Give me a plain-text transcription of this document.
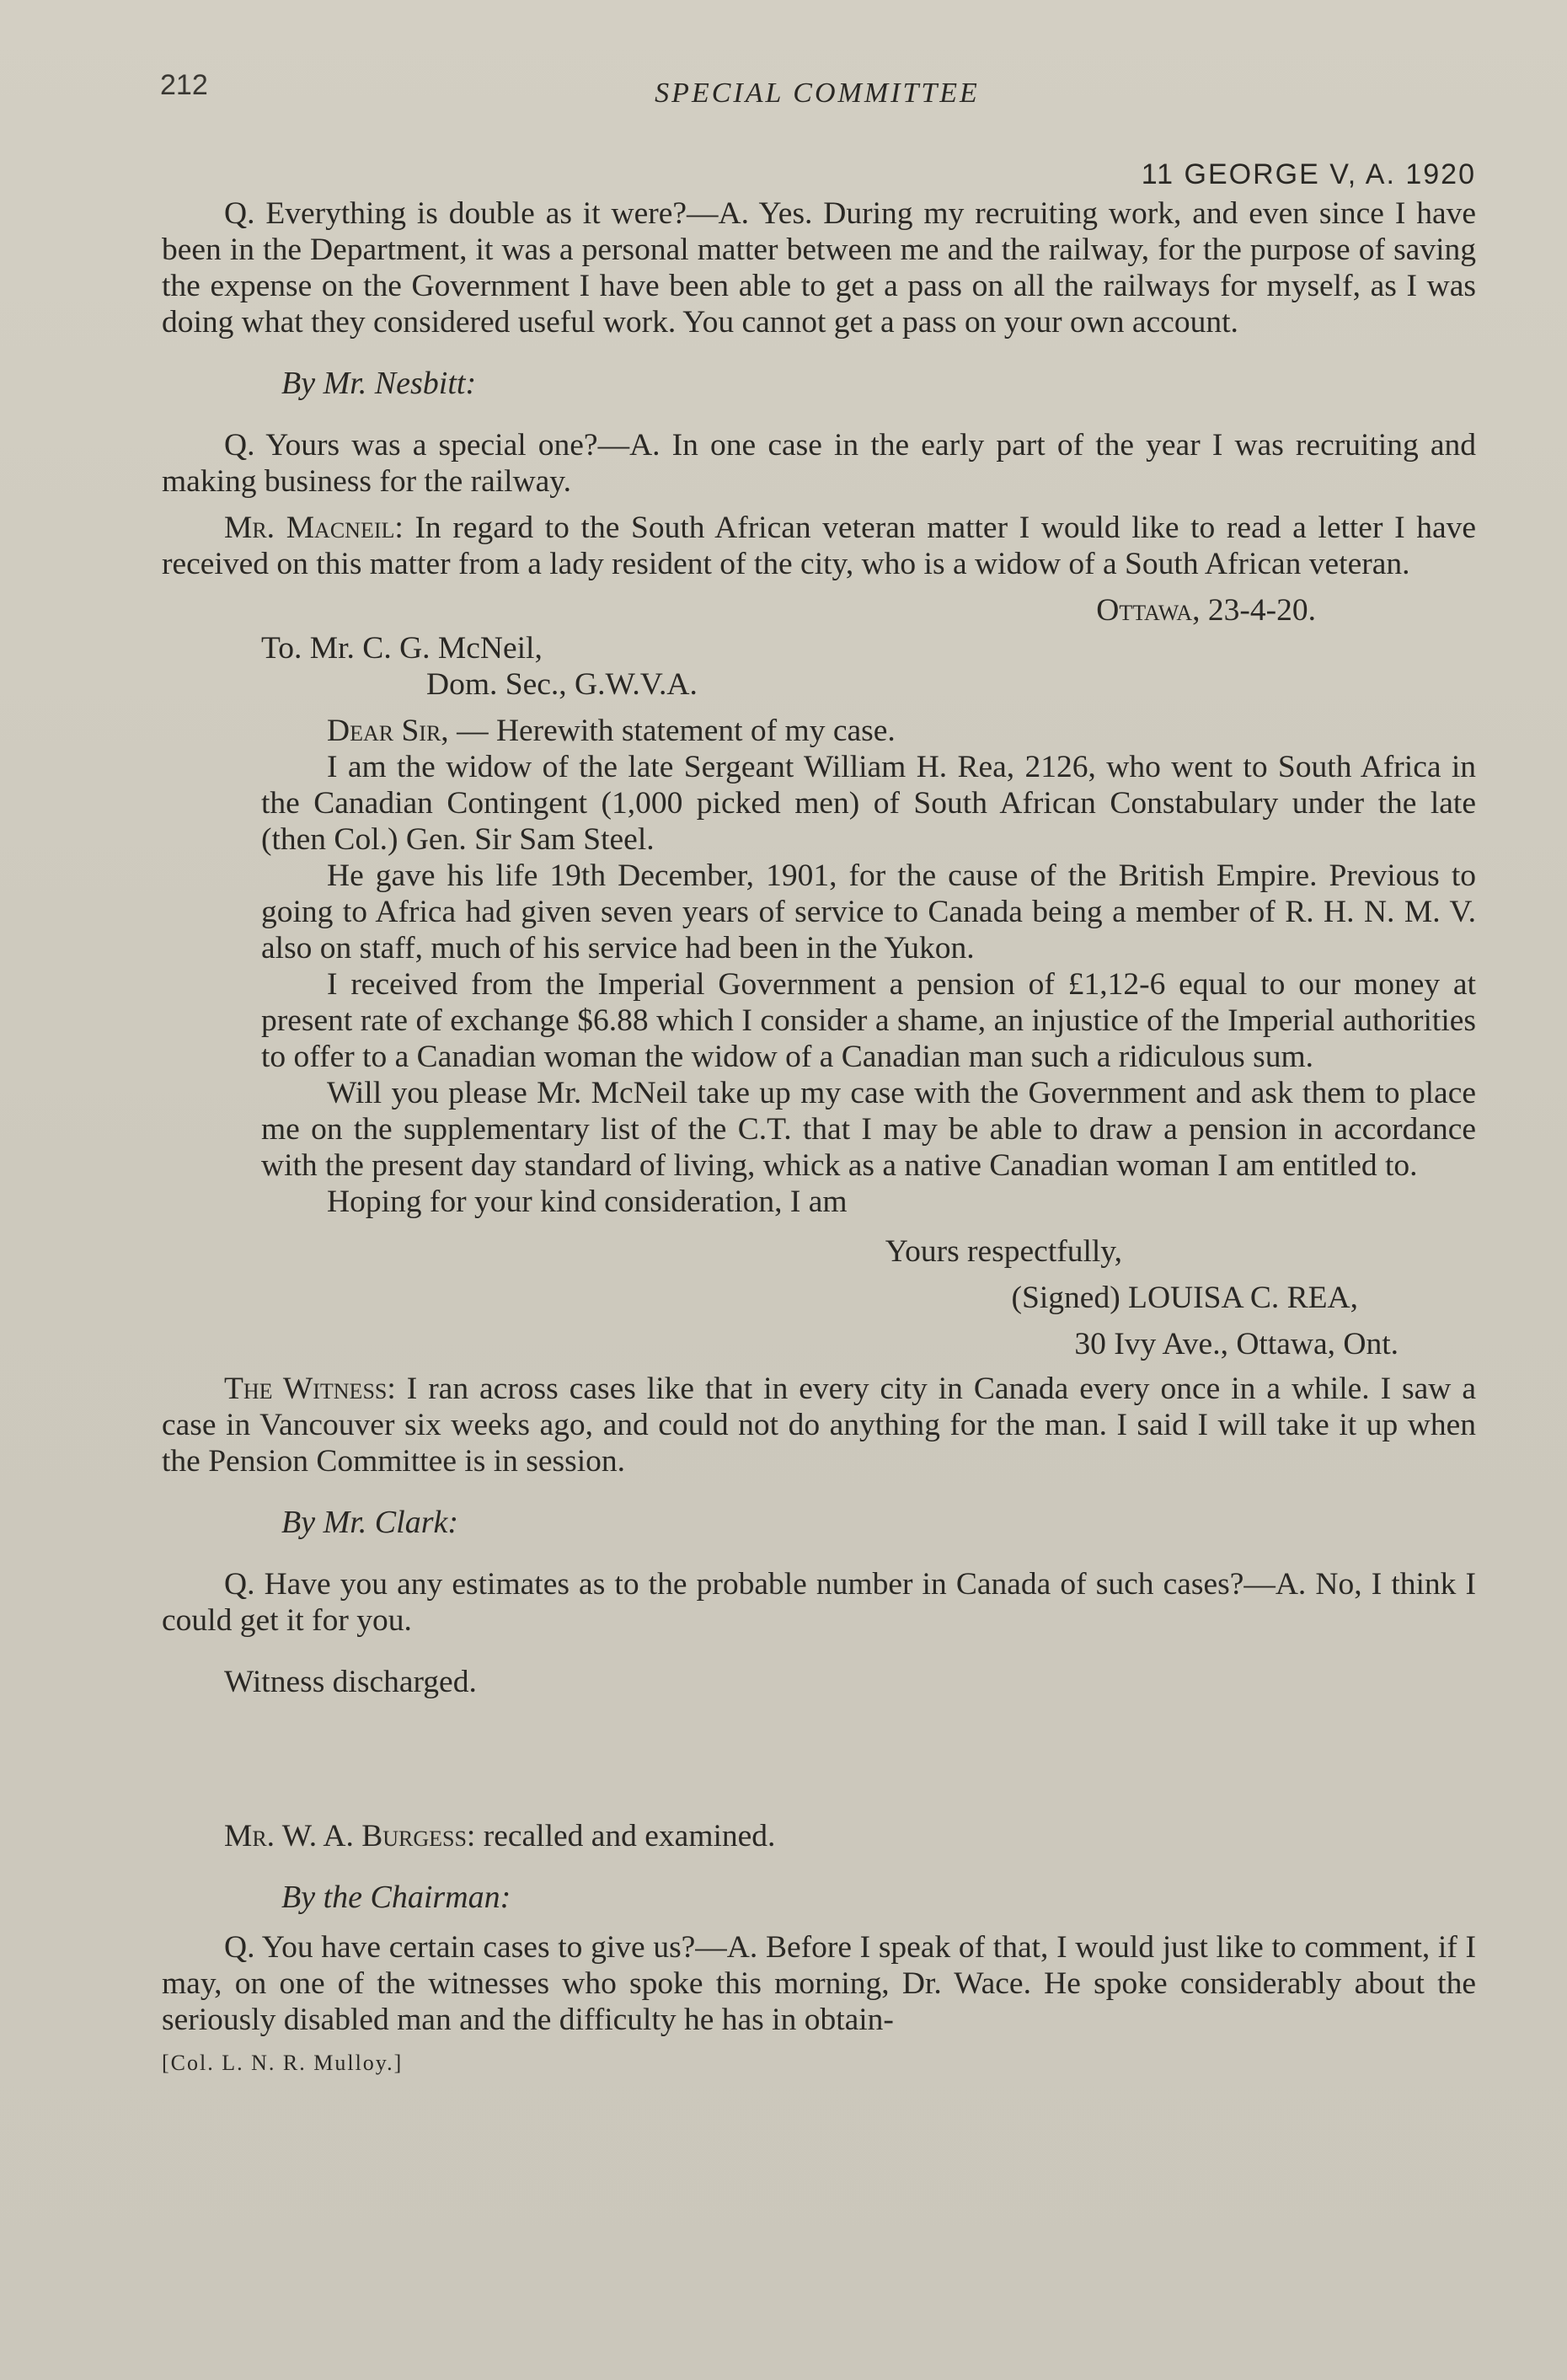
212	SPECIAL COMMITTEE
11 GEORGE V, A. 1920

Q. Everything is double as it were?—A. Yes. During my recruiting work, and even since I have been in the Department, it was a personal matter between me and the railway, for the purpose of saving the expense on the Government I have been able to get a pass on all the railways for myself, as I was doing what they considered useful work. You cannot get a pass on your own account.

By Mr. Nesbitt:

Q. Yours was a special one?—A. In one case in the early part of the year I was recruiting and making business for the railway.

Mr. Macneil: In regard to the South African veteran matter I would like to read a letter I have received on this matter from a lady resident of the city, who is a widow of a South African veteran.

Ottawa, 23-4-20.

To. Mr. C. G. McNeil,

Dom. Sec., G.W.V.A.

Dear Sir, — Herewith statement of my case.

I am the widow of the late Sergeant William H. Rea, 2126, who went to South Africa in the Canadian Contingent (1,000 picked men) of South African Constabulary under the late (then Col.) Gen. Sir Sam Steel.

He gave his life 19th December, 1901, for the cause of the British Empire. Previous to going to Africa had given seven years of service to Canada being a member of R. H. N. M. V. also on staff, much of his service had been in the Yukon.

I received from the Imperial Government a pension of £1,12-6 equal to our money at present rate of exchange $6.88 which I consider a shame, an injustice of the Imperial authorities to offer to a Canadian woman the widow of a Canadian man such a ridiculous sum.

Will you please Mr. McNeil take up my case with the Government and ask them to place me on the supplementary list of the C.T. that I may be able to draw a pension in accordance with the present day standard of living, whick as a native Canadian woman I am entitled to.

Hoping for your kind consideration, I am

Yours respectfully,

(Signed) LOUISA C. REA,

30 Ivy Ave., Ottawa, Ont.

The Witness: I ran across cases like that in every city in Canada every once in a while. I saw a case in Vancouver six weeks ago, and could not do anything for the man. I said I will take it up when the Pension Committee is in session.

By Mr. Clark:

Q. Have you any estimates as to the probable number in Canada of such cases?—A. No, I think I could get it for you.

Witness discharged.

Mr. W. A. Burgess: recalled and examined.

By the Chairman:

Q. You have certain cases to give us?—A. Before I speak of that, I would just like to comment, if I may, on one of the witnesses who spoke this morning, Dr. Wace. He spoke considerably about the seriously disabled man and the difficulty he has in obtain-

[Col. L. N. R. Mulloy.]
